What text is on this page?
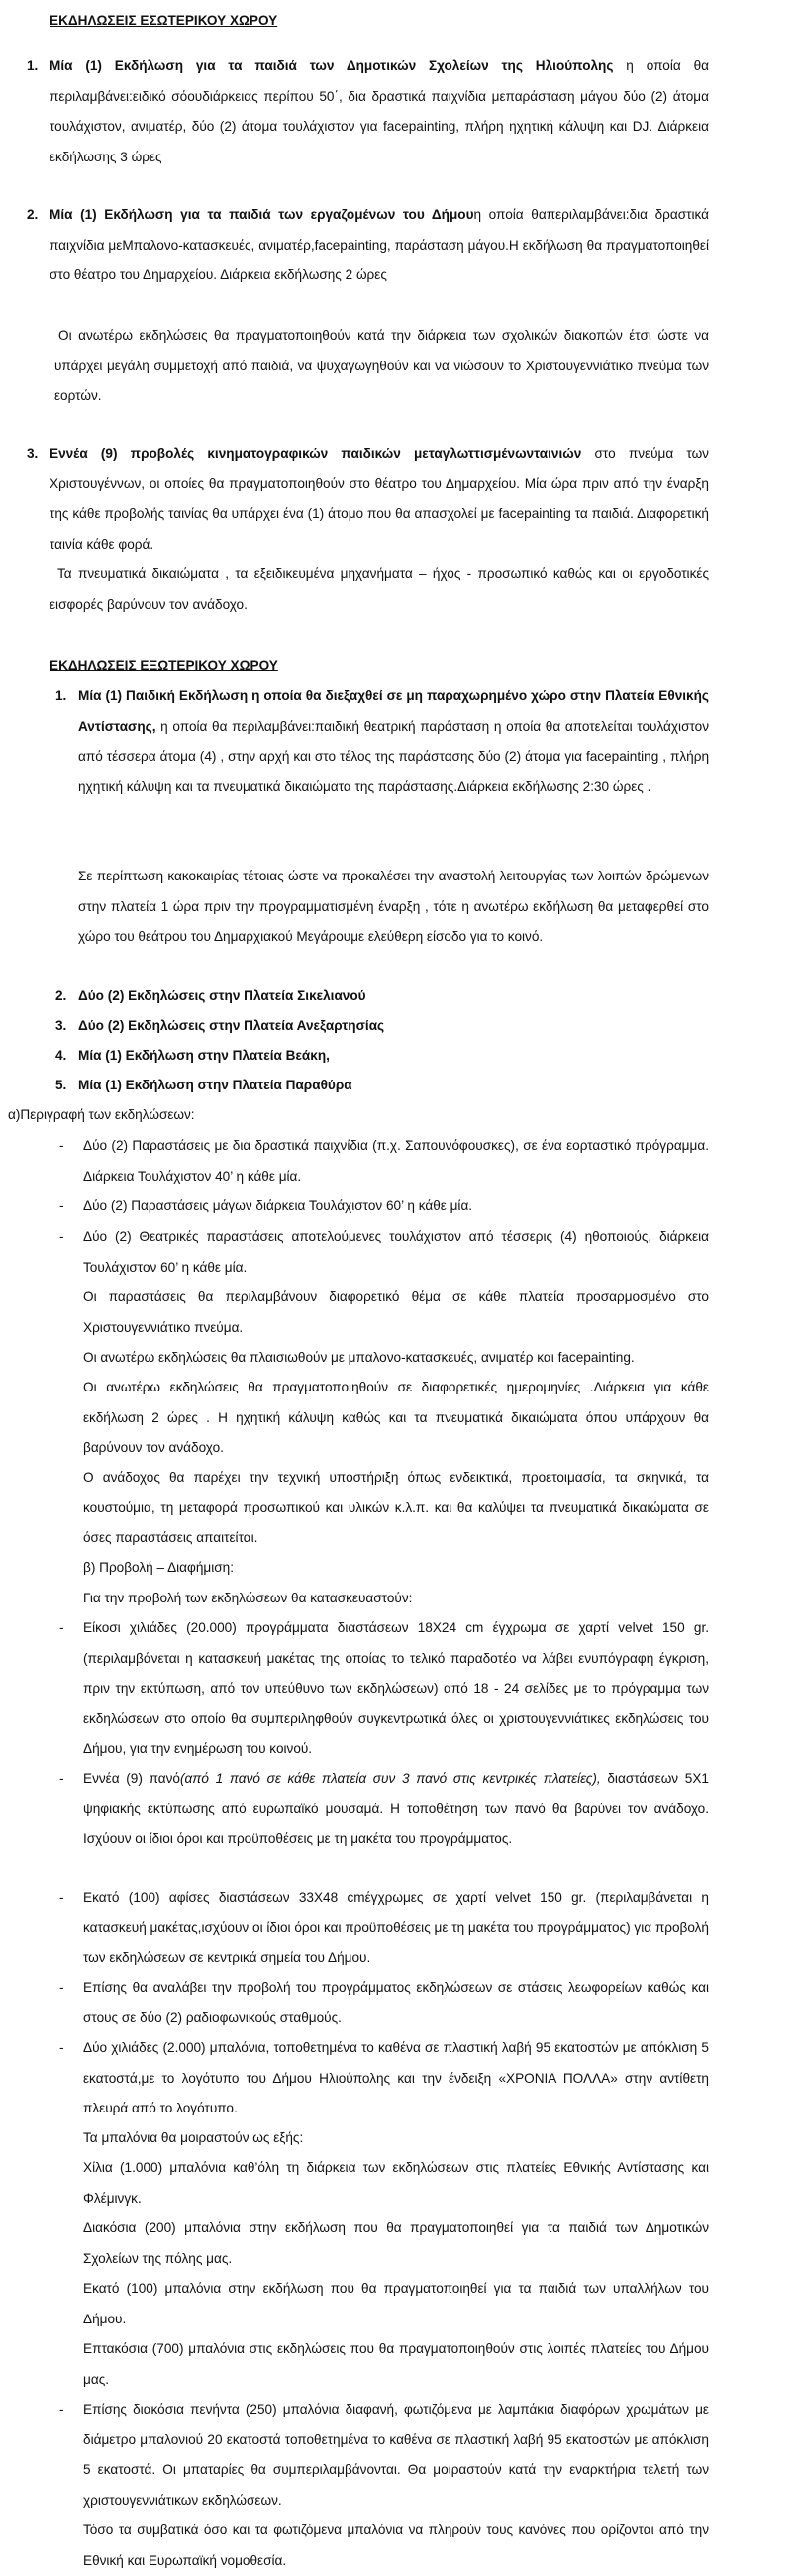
ΕΚΔΗΛΩΣΕΙΣ ΕΣΩΤΕΡΙΚΟΥ ΧΩΡΟΥ
1. Μία (1) Εκδήλωση για τα παιδιά των Δημοτικών Σχολείων της Ηλιούπολης η οποία θα περιλαμβάνει:ειδικό σόουδιάρκειας περίπου 50΄, δια δραστικά παιχνίδια μεπαράσταση μάγου δύο (2) άτομα τουλάχιστον, ανιματέρ, δύο (2) άτομα τουλάχιστον για facepainting, πλήρη ηχητική κάλυψη και DJ. Διάρκεια εκδήλωσης 3 ώρες

2. Μία (1) Εκδήλωση για τα παιδιά των εργαζομένων του Δήμουη οποία θαπεριλαμβάνει:δια δραστικά παιχνίδια μεΜπαλονο-κατασκευές, ανιματέρ,facepainting, παράσταση μάγου.Η εκδήλωση θα πραγματοποιηθεί στο θέατρο του Δημαρχείου. Διάρκεια εκδήλωσης 2 ώρες

Οι ανωτέρω εκδηλώσεις θα πραγματοποιηθούν κατά την διάρκεια των σχολικών διακοπών έτσι ώστε να υπάρχει μεγάλη συμμετοχή από παιδιά, να ψυχαγωγηθούν και να νιώσουν το Χριστουγεννιάτικο πνεύμα των εορτών.

3. Εννέα (9) προβολές κινηματογραφικών παιδικών μεταγλωττισμένωνταινιών στο πνεύμα των Χριστουγέννων, οι οποίες θα πραγματοποιηθούν στο θέατρο του Δημαρχείου. Μία ώρα πριν από την έναρξη της κάθε προβολής ταινίας θα υπάρχει ένα (1) άτομο που θα απασχολεί με facepainting τα παιδιά. Διαφορετική ταινία κάθε φορά.

Τα πνευματικά δικαιώματα , τα εξειδικευμένα μηχανήματα – ήχος - προσωπικό καθώς και οι εργοδοτικές εισφορές βαρύνουν τον ανάδοχο.

ΕΚΔΗΛΩΣΕΙΣ ΕΞΩΤΕΡΙΚΟΥ ΧΩΡΟΥ
1. Μία (1) Παιδική Εκδήλωση η οποία θα διεξαχθεί σε μη παραχωρημένο χώρο στην Πλατεία Εθνικής Αντίστασης, η οποία θα περιλαμβάνει:παιδική θεατρική παράσταση η οποία θα αποτελείται τουλάχιστον από τέσσερα άτομα (4) , στην αρχή και στο τέλος της παράστασης δύο (2) άτομα για facepainting , πλήρη ηχητική κάλυψη και τα πνευματικά δικαιώματα της παράστασης.Διάρκεια εκδήλωσης 2:30 ώρες .

Σε περίπτωση κακοκαιρίας τέτοιας ώστε να προκαλέσει την αναστολή λειτουργίας των λοιπών δρώμενων στην πλατεία 1 ώρα πριν την προγραμματισμένη έναρξη , τότε η ανωτέρω εκδήλωση θα μεταφερθεί στο χώρο του θεάτρου του Δημαρχιακού Μεγάρουμε ελεύθερη είσοδο για το κοινό.

2. Δύο (2) Εκδηλώσεις στην Πλατεία Σικελιανού
3. Δύο (2) Εκδηλώσεις στην Πλατεία Ανεξαρτησίας
4. Μία (1) Εκδήλωση στην Πλατεία Βεάκη,
5. Μία (1) Εκδήλωση στην Πλατεία Παραθύρα
α)Περιγραφή των εκδηλώσεων:
- Δύο (2) Παραστάσεις με δια δραστικά παιχνίδια (π.χ. Σαπουνόφουσκες), σε ένα εορταστικό πρόγραμμα. Διάρκεια Τουλάχιστον 40’ η κάθε μία.

- Δύο (2) Παραστάσεις μάγων διάρκεια Τουλάχιστον 60’ η κάθε μία.

- Δύο (2) Θεατρικές παραστάσεις αποτελούμενες τουλάχιστον από τέσσερις (4) ηθοποιούς, διάρκεια Τουλάχιστον 60’ η κάθε μία.

Οι παραστάσεις θα περιλαμβάνουν διαφορετικό θέμα σε κάθε πλατεία προσαρμοσμένο στο Χριστουγεννιάτικο πνεύμα.

Οι ανωτέρω εκδηλώσεις θα πλαισιωθούν με μπαλονο-κατασκευές, ανιματέρ και facepainting.

Οι ανωτέρω εκδηλώσεις θα πραγματοποιηθούν σε διαφορετικές ημερομηνίες .Διάρκεια για κάθε εκδήλωση 2 ώρες . Η ηχητική κάλυψη καθώς και τα πνευματικά δικαιώματα όπου υπάρχουν θα βαρύνουν τον ανάδοχο.

Ο ανάδοχος θα παρέχει την τεχνική υποστήριξη όπως ενδεικτικά, προετοιμασία, τα σκηνικά, τα κουστούμια, τη μεταφορά προσωπικού και υλικών κ.λ.π. και θα καλύψει τα πνευματικά δικαιώματα σε όσες παραστάσεις απαιτείται.

β) Προβολή – Διαφήμιση:
Για την προβολή των εκδηλώσεων θα κατασκευαστούν:
- Είκοσι χιλιάδες (20.000) προγράμματα διαστάσεων 18Χ24 cm έγχρωμα σε χαρτί velvet 150 gr. (περιλαμβάνεται η κατασκευή μακέτας της οποίας το τελικό παραδοτέο να λάβει ενυπόγραφη έγκριση, πριν την εκτύπωση, από τον υπεύθυνο των εκδηλώσεων) από 18 - 24 σελίδες με το πρόγραμμα των εκδηλώσεων στο οποίο θα συμπεριληφθούν συγκεντρωτικά όλες οι χριστουγεννιάτικες εκδηλώσεις του Δήμου, για την ενημέρωση του κοινού.

- Εννέα (9) πανό(από 1 πανό σε κάθε πλατεία συν 3 πανό στις κεντρικές πλατείες), διαστάσεων 5Χ1 ψηφιακής εκτύπωσης από ευρωπαϊκό μουσαμά. Η τοποθέτηση των πανό θα βαρύνει τον ανάδοχο. Ισχύουν οι ίδιοι όροι και προϋποθέσεις με τη μακέτα του προγράμματος.

- Εκατό (100) αφίσες διαστάσεων 33Χ48 cmέγχρωμες σε χαρτί velvet 150 gr. (περιλαμβάνεται η κατασκευή μακέτας,ισχύουν οι ίδιοι όροι και προϋποθέσεις με τη μακέτα του προγράμματος) για προβολή των εκδηλώσεων σε κεντρικά σημεία του Δήμου.

- Επίσης θα αναλάβει την προβολή του προγράμματος εκδηλώσεων σε στάσεις λεωφορείων καθώς και στους σε δύο (2) ραδιοφωνικούς σταθμούς.

- Δύο χιλιάδες (2.000) μπαλόνια, τοποθετημένα το καθένα σε πλαστική λαβή 95 εκατοστών με απόκλιση 5 εκατοστά,με το λογότυπο του Δήμου Ηλιούπολης και την ένδειξη «ΧΡΟΝΙΑ ΠΟΛΛΑ» στην αντίθετη πλευρά από το λογότυπο.

Τα μπαλόνια θα μοιραστούν ως εξής:

Χίλια (1.000) μπαλόνια καθ’όλη τη διάρκεια των εκδηλώσεων στις πλατείες Εθνικής Αντίστασης και Φλέμινγκ.

Διακόσια (200) μπαλόνια στην εκδήλωση που θα πραγματοποιηθεί για τα παιδιά των Δημοτικών Σχολείων της πόλης μας.

Εκατό (100) μπαλόνια στην εκδήλωση που θα πραγματοποιηθεί για τα παιδιά των υπαλλήλων του Δήμου.

Επτακόσια (700) μπαλόνια στις εκδηλώσεις που θα πραγματοποιηθούν στις λοιπές πλατείες του Δήμου μας.

- Επίσης διακόσια πενήντα (250) μπαλόνια διαφανή, φωτιζόμενα με λαμπάκια διαφόρων χρωμάτων με διάμετρο μπαλονιού 20 εκατοστά τοποθετημένα το καθένα σε πλαστική λαβή 95 εκατοστών με απόκλιση 5 εκατοστά. Οι μπαταρίες θα συμπεριλαμβάνονται. Θα μοιραστούν κατά την εναρκτήρια τελετή των χριστουγεννιάτικων εκδηλώσεων.

Τόσο τα συμβατικά όσο και τα φωτιζόμενα μπαλόνια να πληρούν τους κανόνες που ορίζονται από την Εθνική και Ευρωπαϊκή νομοθεσία.
